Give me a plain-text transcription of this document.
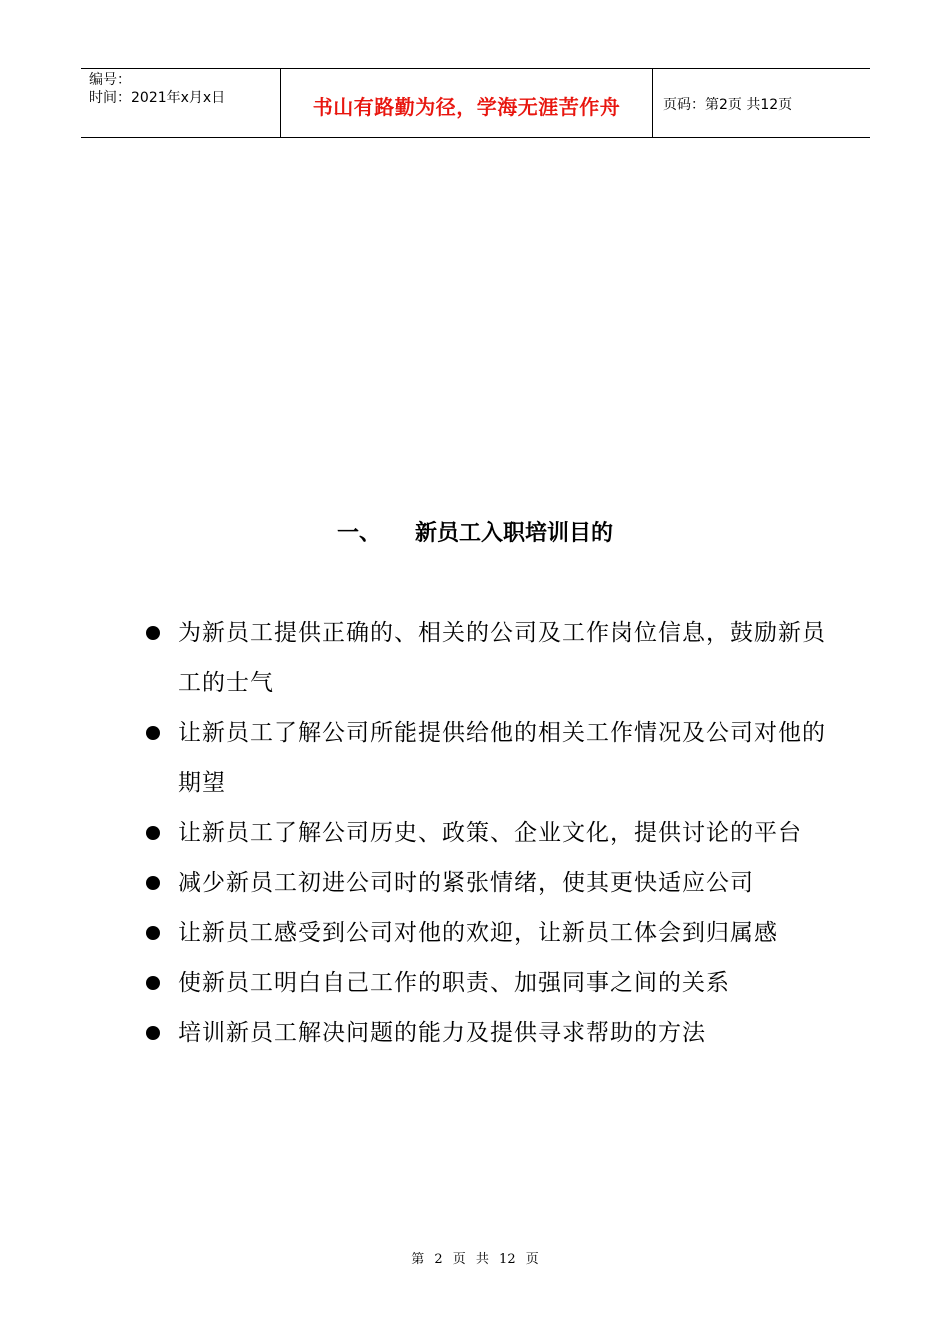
编号：
时间：2021年x月x日	书山有路勤为径，学海无涯苦作舟	页码：第2页 共12页
一、 新员工入职培训目的
为新员工提供正确的、相关的公司及工作岗位信息，鼓励新员工的士气
让新员工了解公司所能提供给他的相关工作情况及公司对他的期望
让新员工了解公司历史、政策、企业文化，提供讨论的平台
减少新员工初进公司时的紧张情绪，使其更快适应公司
让新员工感受到公司对他的欢迎，让新员工体会到归属感
使新员工明白自己工作的职责、加强同事之间的关系
培训新员工解决问题的能力及提供寻求帮助的方法
第 2 页 共 12 页
